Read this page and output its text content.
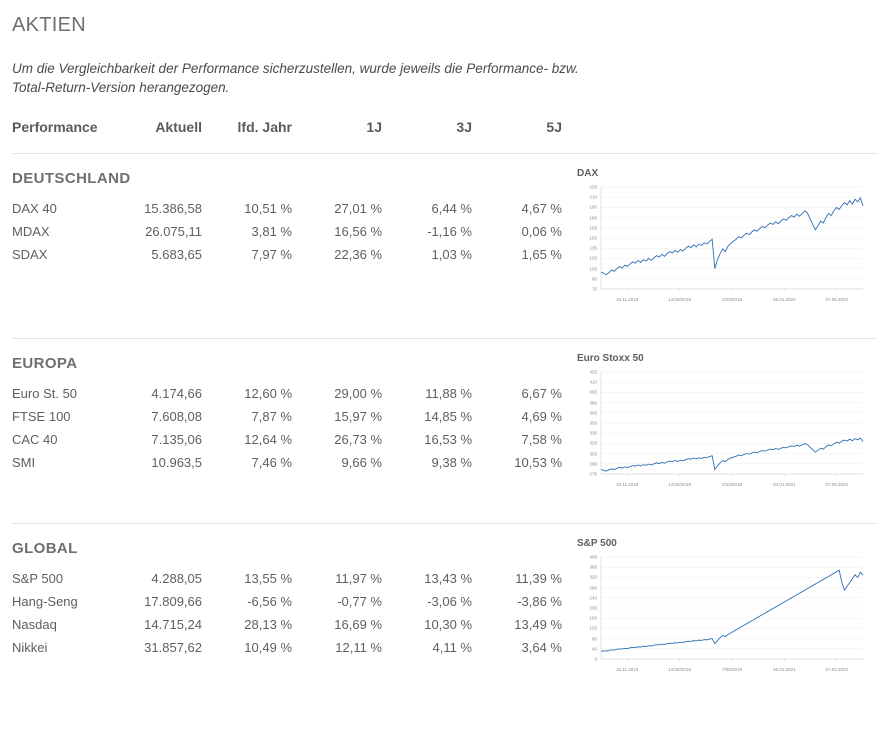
AKTIEN

Um die Vergleichbarkeit der Performance sicherzustellen, wurde jeweils die Performance- bzw. Total-Return-Version herangezogen.

Performance	Aktuell	lfd. Jahr	1J	3J	5J
DEUTSCHLAND
DAX 40	15.386,58	10,51 %	27,01 %	6,44 %	4,67 %
MDAX	26.075,11	3,81 %	16,56 %	-1,16 %	0,06 %
SDAX	5.683,65	7,97 %	22,36 %	1,03 %	1,65 %
DAX
225
210
195
180
165
150
135
120
105
90
75
16.11.2018	12/18/2019	2/23/2018	05.01.2020	07.06.2022
EUROPA
Euro St. 50	4.174,66	12,60 %	29,00 %	11,88 %	6,67 %
FTSE 100	7.608,08	7,87 %	15,97 %	14,85 %	4,69 %
CAC 40	7.135,06	12,64 %	26,73 %	16,53 %	7,58 %
SMI	10.963,5	7,46 %	9,66 %	9,38 %	10,53 %
Euro Stoxx 50
425
410
395
380
365
350
335
320
305
290
275
16.11.2018	12/18/2019	2/23/2018	04.01.2021	07.06.2022
GLOBAL
S&P 500	4.288,05	13,55 %	11,97 %	13,43 %	11,39 %
Hang-Seng	17.809,66	-6,56 %	-0,77 %	-3,06 %	-3,86 %
Nasdaq	14.715,24	28,13 %	16,69 %	10,30 %	13,49 %
Nikkei	31.857,62	10,49 %	12,11 %	4,11 %	3,64 %
S&P 500
400
360
320
280
240
200
160
120
80
40
0
16.11.2018	12/18/2019	7/05/2019	05.01.2021	07.03.2022
